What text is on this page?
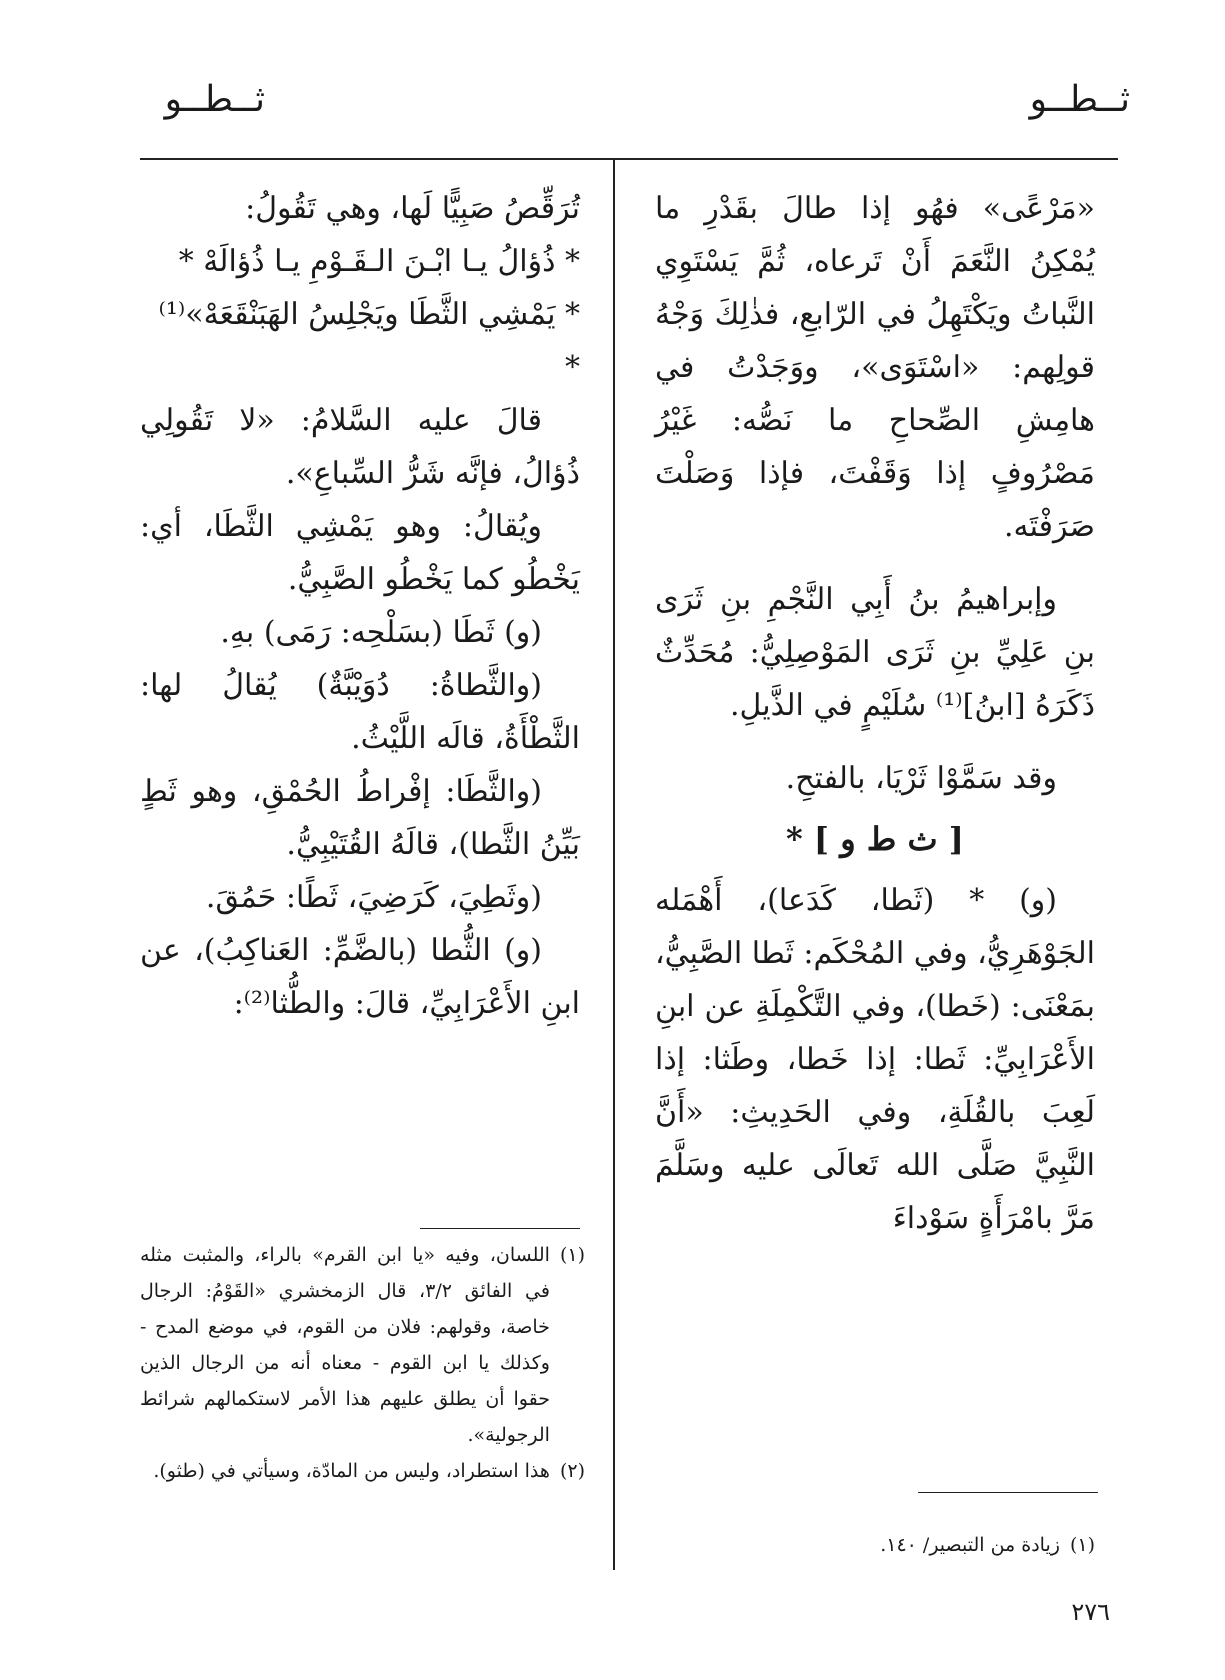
ثــطــو
ثــطــو

«مَرْعًى» فهُو إذا طالَ بقَدْرِ ما يُمْكِنُ النَّعَمَ أَنْ تَرعاه، ثُمَّ يَسْتَوِي النَّباتُ ويَكْتَهِلُ في الرّابعِ، فذٰلِكَ وَجْهُ قولِهم: «اسْتَوَى»، ووَجَدْتُ في هامِشِ الصِّحاحِ ما نَصُّه: غَيْرُ مَصْرُوفٍ إذا وَقَفْتَ، فإذا وَصَلْتَ صَرَفْتَه.

وإبراهيمُ بنُ أَبِي النَّجْمِ بنِ ثَرَى بنِ عَلِيِّ بنِ ثَرَى المَوْصِلِيُّ: مُحَدِّثٌ ذَكَرَهُ [ابنُ]⁽¹⁾ سُلَيْمٍ في الذَّيلِ.

وقد سَمَّوْا ثَرْيَا، بالفتحِ.

[ ث ط و ] *

(و) * (ثَطا، كَدَعا)، أَهْمَله الجَوْهَرِيُّ، وفي المُحْكَم: ثَطا الصَّبِيُّ، بمَعْنَى: (خَطا)، وفي التَّكْمِلَةِ عن ابنِ الأَعْرَابِيِّ: ثَطا: إذا خَطا، وطَثا: إذا لَعِبَ بالقُلَةِ، وفي الحَدِيثِ: «أَنَّ النَّبِيَّ صَلَّى الله تَعالَى عليه وسَلَّمَ مَرَّ بامْرَأَةٍ سَوْداءَ

تُرَقِّصُ صَبِيًّا لَها، وهي تَقُولُ:

* ذُؤالُ يـا ابْـنَ الـقَـوْمِ يـا ذُؤالَهْ *

* يَمْشِي الثَّطَا ويَجْلِسُ الهَبَنْقَعَهْ»⁽¹⁾ *

قالَ عليه السَّلامُ: «لا تَقُولِي ذُؤالُ، فإنَّه شَرُّ السِّباعِ».

ويُقالُ: وهو يَمْشِي الثَّطَا، أي: يَخْطُو كما يَخْطُو الصَّبِيُّ.

(و) ثَطَا (بسَلْحِه: رَمَى) بهِ.

(والثَّطاةُ: دُوَيْبَّةٌ) يُقالُ لها: الثَّطْأَةُ، قالَه اللَّيْثُ.

(والثَّطَا: إفْراطُ الحُمْقِ، وهو ثَطٍ بَيِّنُ الثَّطا)، قالَهُ القُتَيْبِيُّ.

(وثَطِيَ، كَرَضِيَ، ثَطًا: حَمُقَ.

(و) الثُّطا (بالضَّمِّ: العَناكِبُ)، عن ابنِ الأَعْرَابِيِّ، قالَ: والطُّثا⁽²⁾:

(١)
زيادة من التبصير/ ١٤٠.
(١)
اللسان، وفيه «يا ابن القرم» بالراء، والمثبت مثله في الفائق ٣/٢، قال الزمخشري «القَوْمُ: الرجال خاصة، وقولهم: فلان من القوم، في موضع المدح - وكذلك يا ابن القوم - معناه أنه من الرجال الذين حقوا أن يطلق عليهم هذا الأمر لاستكمالهم شرائط الرجولية».
(٢)
هذا استطراد، وليس من المادّة، وسيأتي في (طثو).
٢٧٦
